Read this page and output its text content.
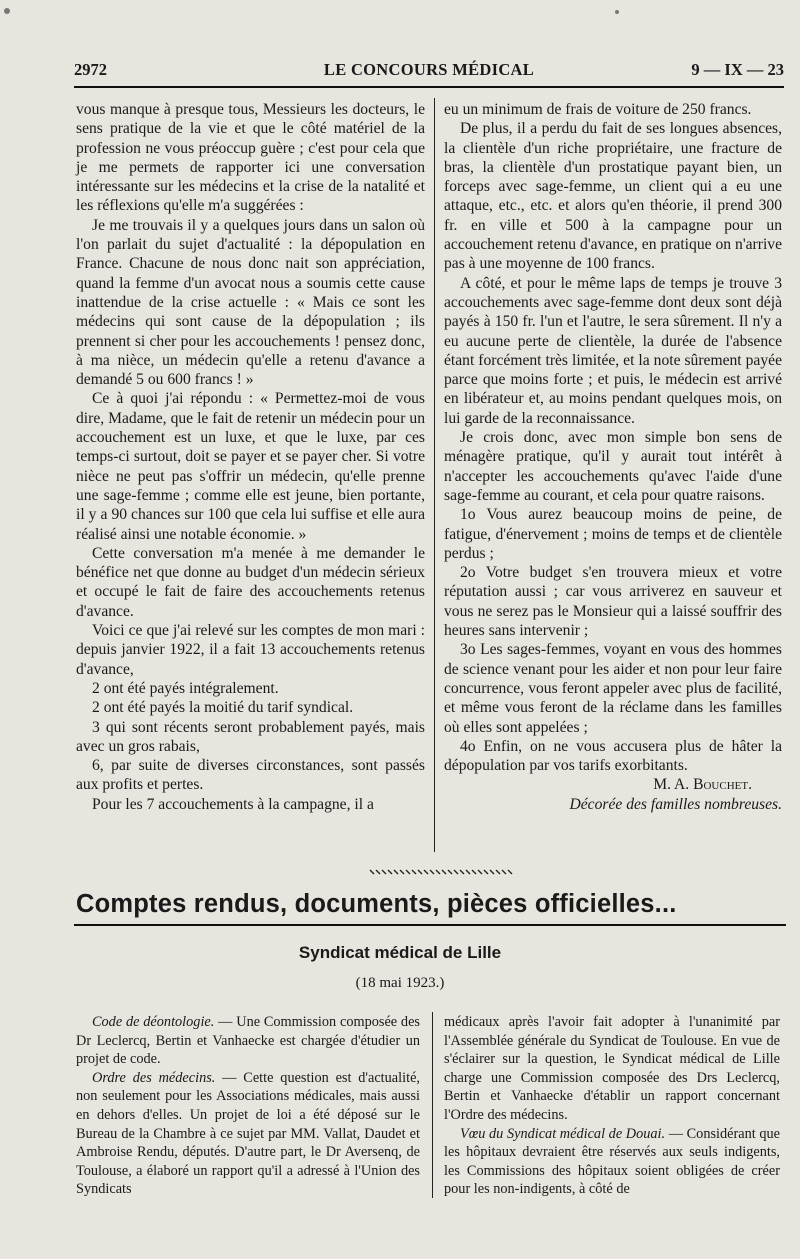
2972	LE CONCOURS MÉDICAL	9 — IX — 23

vous manque à presque tous, Messieurs les docteurs, le sens pratique de la vie et que le côté matériel de la profession ne vous préoccup guère ; c'est pour cela que je me permets de rapporter ici une conversation intéressante sur les médecins et la crise de la natalité et les réflexions qu'elle m'a suggérées :

Je me trouvais il y a quelques jours dans un salon où l'on parlait du sujet d'actualité : la dépopulation en France. Chacune de nous donc nait son appréciation, quand la femme d'un avocat nous a soumis cette cause inattendue de la crise actuelle : « Mais ce sont les médecins qui sont cause de la dépopulation ; ils prennent si cher pour les accouchements ! pensez donc, à ma nièce, un médecin qu'elle a retenu d'avance a demandé 5 ou 600 francs ! »

Ce à quoi j'ai répondu : « Permettez-moi de vous dire, Madame, que le fait de retenir un médecin pour un accouchement est un luxe, et que le luxe, par ces temps-ci surtout, doit se payer et se payer cher. Si votre nièce ne peut pas s'offrir un médecin, qu'elle prenne une sage-femme ; comme elle est jeune, bien portante, il y a 90 chances sur 100 que cela lui suffise et elle aura réalisé ainsi une notable économie. »

Cette conversation m'a menée à me demander le bénéfice net que donne au budget d'un médecin sérieux et occupé le fait de faire des accouchements retenus d'avance.

Voici ce que j'ai relevé sur les comptes de mon mari : depuis janvier 1922, il a fait 13 accouchements retenus d'avance,

2 ont été payés intégralement.

2 ont été payés la moitié du tarif syndical.

3 qui sont récents seront probablement payés, mais avec un gros rabais,

6, par suite de diverses circonstances, sont passés aux profits et pertes.

Pour les 7 accouchements à la campagne, il a

eu un minimum de frais de voiture de 250 francs.

De plus, il a perdu du fait de ses longues absences, la clientèle d'un riche propriétaire, une fracture de bras, la clientèle d'un prostatique payant bien, un forceps avec sage-femme, un client qui a eu une attaque, etc., etc. et alors qu'en théorie, il prend 300 fr. en ville et 500 à la campagne pour un accouchement retenu d'avance, en pratique on n'arrive pas à une moyenne de 100 francs.

A côté, et pour le même laps de temps je trouve 3 accouchements avec sage-femme dont deux sont déjà payés à 150 fr. l'un et l'autre, le sera sûrement. Il n'y a eu aucune perte de clientèle, la durée de l'absence étant forcément très limitée, et la note sûrement payée parce que moins forte ; et puis, le médecin est arrivé en libérateur et, au moins pendant quelques mois, on lui garde de la reconnaissance.

Je crois donc, avec mon simple bon sens de ménagère pratique, qu'il y aurait tout intérêt à n'accepter les accouchements qu'avec l'aide d'une sage-femme au courant, et cela pour quatre raisons.

1o Vous aurez beaucoup moins de peine, de fatigue, d'énervement ; moins de temps et de clientèle perdus ;

2o Votre budget s'en trouvera mieux et votre réputation aussi ; car vous arriverez en sauveur et vous ne serez pas le Monsieur qui a laissé souffrir des heures sans intervenir ;

3o Les sages-femmes, voyant en vous des hommes de science venant pour les aider et non pour leur faire concurrence, vous feront appeler avec plus de facilité, et même vous feront de la réclame dans les familles où elles sont appelées ;

4o Enfin, on ne vous accusera plus de hâter la dépopulation par vos tarifs exorbitants.

M. A. Bouchet.

Décorée des familles nombreuses.

Comptes rendus, documents, pièces officielles...
Syndicat médical de Lille
(18 mai 1923.)

Code de déontologie. — Une Commission composée des Dr Leclercq, Bertin et Vanhaecke est chargée d'étudier un projet de code.

Ordre des médecins. — Cette question est d'actualité, non seulement pour les Associations médicales, mais aussi en dehors d'elles. Un projet de loi a été déposé sur le Bureau de la Chambre à ce sujet par MM. Vallat, Daudet et Ambroise Rendu, députés. D'autre part, le Dr Aversenq, de Toulouse, a élaboré un rapport qu'il a adressé à l'Union des Syndicats

médicaux après l'avoir fait adopter à l'unanimité par l'Assemblée générale du Syndicat de Toulouse. En vue de s'éclairer sur la question, le Syndicat médical de Lille charge une Commission composée des Drs Leclercq, Bertin et Vanhaecke d'établir un rapport concernant l'Ordre des médecins.

Vœu du Syndicat médical de Douai. — Considérant que les hôpitaux devraient être réservés aux seuls indigents, les Commissions des hôpitaux soient obligées de créer pour les non-indigents, à côté de
